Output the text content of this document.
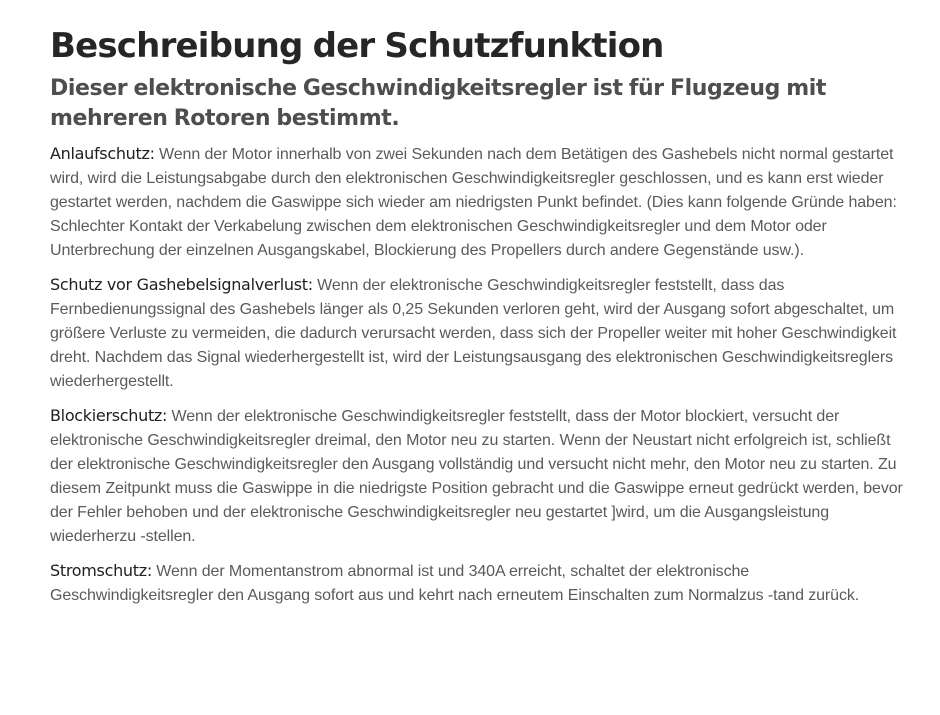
Beschreibung der Schutzfunktion
Dieser elektronische Geschwindigkeitsregler ist für Flugzeug mit mehreren Rotoren bestimmt.

Anlaufschutz: Wenn der Motor innerhalb von zwei Sekunden nach dem Betätigen des Gashebels nicht normal gestartet wird, wird die Leistungsabgabe durch den elektronischen Geschwindigkeitsregler geschlossen, und es kann erst wieder gestartet werden, nachdem die Gaswippe sich wieder am niedrigsten Punkt befindet. (Dies kann folgende Gründe haben: Schlechter Kontakt der Verkabelung zwischen dem elektronischen Geschwindigkeitsregler und dem Motor oder Unterbrechung der einzelnen Ausgangskabel, Blockierung des Propellers durch andere Gegenstände usw.).

Schutz vor Gashebelsignalverlust: Wenn der elektronische Geschwindigkeitsregler feststellt, dass das Fernbedienungssignal des Gashebels länger als 0,25 Sekunden verloren geht, wird der Ausgang sofort abgeschaltet, um größere Verluste zu vermeiden, die dadurch verursacht werden, dass sich der Propeller weiter mit hoher Geschwindigkeit dreht. Nachdem das Signal wiederhergestellt ist, wird der Leistungsausgang des elektronischen Geschwindigkeitsreglers wiederhergestellt.

Blockierschutz: Wenn der elektronische Geschwindigkeitsregler feststellt, dass der Motor blockiert, versucht der elektronische Geschwindigkeitsregler dreimal, den Motor neu zu starten. Wenn der Neustart nicht erfolgreich ist, schließt der elektronische Geschwindigkeitsregler den Ausgang vollständig und versucht nicht mehr, den Motor neu zu starten. Zu diesem Zeitpunkt muss die Gaswippe in die niedrigste Position gebracht und die Gaswippe erneut gedrückt werden, bevor der Fehler behoben und der elektronische Geschwindigkeitsregler neu gestartet ]wird, um die Ausgangsleistung wiederherzu -stellen.

Stromschutz: Wenn der Momentanstrom abnormal ist und 340A erreicht, schaltet der elektronische Geschwindigkeitsregler den Ausgang sofort aus und kehrt nach erneutem Einschalten zum Normalzus -tand zurück.
